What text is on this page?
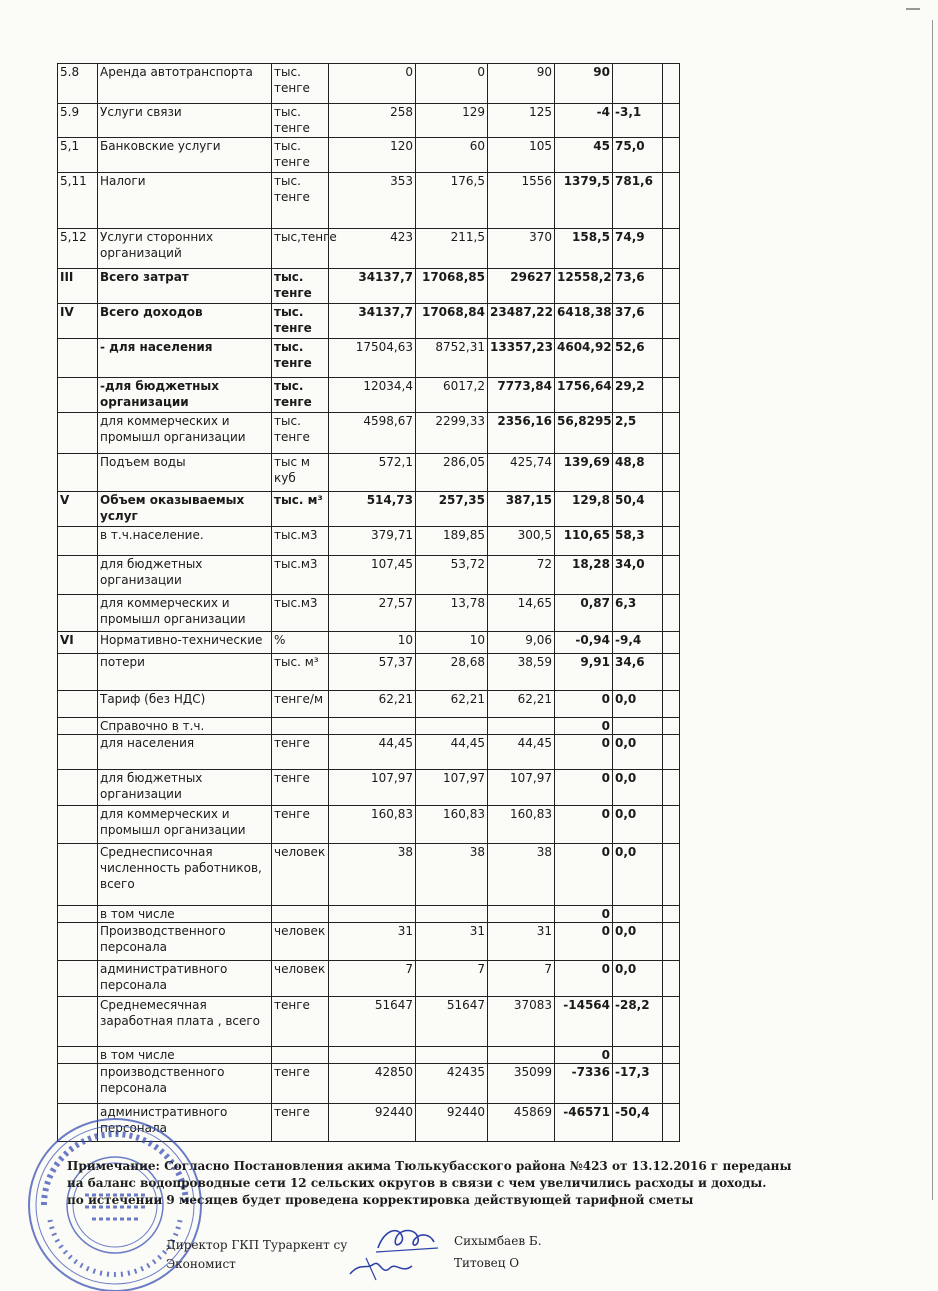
5.8	Аренда автотранспорта	тыс. тенге	0	0	90	90		
5.9	Услуги связи	тыс. тенге	258	129	125	-4	-3,1	
5,1	Банковские услуги	тыс. тенге	120	60	105	45	75,0	
5,11	Налоги	тыс. тенге	353	176,5	1556	1379,5	781,6	
5,12	Услуги сторонних организаций	тыс,тенге	423	211,5	370	158,5	74,9	
III	Всего затрат	тыс. тенге	34137,7	17068,85	29627	12558,2	73,6	
IV	Всего доходов	тыс. тенге	34137,7	17068,84	23487,22	6418,38	37,6	
	- для населения	тыс. тенге	17504,63	8752,31	13357,23	4604,92	52,6	
	-для бюджетных организации	тыс. тенге	12034,4	6017,2	7773,84	1756,64	29,2	
	для коммерческих и промышл организации	тыс. тенге	4598,67	2299,33	2356,16	56,8295	2,5	
	Подъем воды	тыс м куб	572,1	286,05	425,74	139,69	48,8	
V	Объем оказываемых услуг	тыс. м³	514,73	257,35	387,15	129,8	50,4	
	в т.ч.население.	тыс.м3	379,71	189,85	300,5	110,65	58,3	
	для бюджетных организации	тыс.м3	107,45	53,72	72	18,28	34,0	
	для коммерческих и промышл организации	тыс.м3	27,57	13,78	14,65	0,87	6,3	
VI	Нормативно-технические	%	10	10	9,06	-0,94	-9,4	
	потери	тыс. м³	57,37	28,68	38,59	9,91	34,6	
	Тариф (без НДС)	тенге/м	62,21	62,21	62,21	0	0,0	
	Справочно в т.ч.					0		
	для населения	тенге	44,45	44,45	44,45	0	0,0	
	для бюджетных организации	тенге	107,97	107,97	107,97	0	0,0	
	для коммерческих и промышл организации	тенге	160,83	160,83	160,83	0	0,0	
	Среднесписочная численность работников, всего	человек	38	38	38	0	0,0	
	в том числе					0		
	Производственного персонала	человек	31	31	31	0	0,0	
	административного персонала	человек	7	7	7	0	0,0	
	Среднемесячная заработная плата , всего	тенге	51647	51647	37083	-14564	-28,2	
	в том числе					0		
	производственного персонала	тенге	42850	42435	35099	-7336	-17,3	
	административного персонала	тенге	92440	92440	45869	-46571	-50,4	
Примечание: Согласно Постановления акима Тюлькубасского района №423 от 13.12.2016 г переданы
на баланс водопроводные сети 12 сельских округов в связи с чем увеличились расходы и доходы.
по истечении 9 месяцев будет проведена корректировка действующей тарифной сметы
Директор ГКП Тураркент су	Сихымбаев Б.
Экономист	Титовец О
